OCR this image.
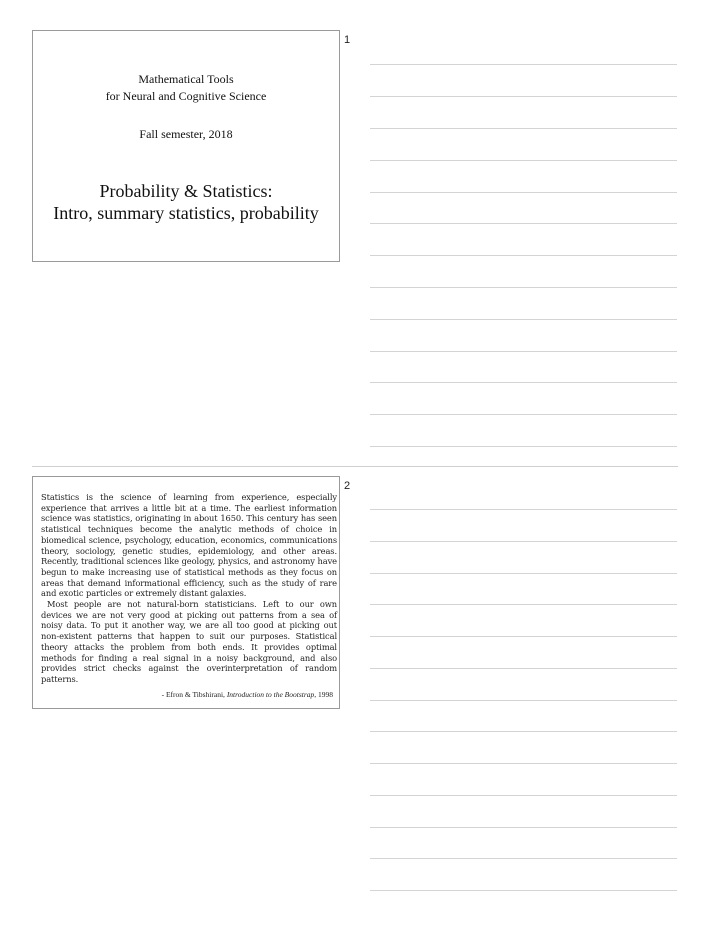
1
Mathematical Tools
for Neural and Cognitive Science
Fall semester, 2018
Probability & Statistics:
Intro, summary statistics, probability
2

Statistics is the science of learning from experience, especially experience that arrives a little bit at a time. The earliest information science was statistics, originating in about 1650. This century has seen statistical techniques become the analytic methods of choice in biomedical science, psychology, education, economics, communications theory, sociology, genetic studies, epidemiology, and other areas. Recently, traditional sciences like geology, physics, and astronomy have begun to make increasing use of statistical methods as they focus on areas that demand informational efficiency, such as the study of rare and exotic particles or extremely distant galaxies.

Most people are not natural-born statisticians. Left to our own devices we are not very good at picking out patterns from a sea of noisy data. To put it another way, we are all too good at picking out non-existent patterns that happen to suit our purposes. Statistical theory attacks the problem from both ends. It provides optimal methods for finding a real signal in a noisy background, and also provides strict checks against the overinterpretation of random patterns.

- Efron & Tibshirani, Introduction to the Bootstrap, 1998
